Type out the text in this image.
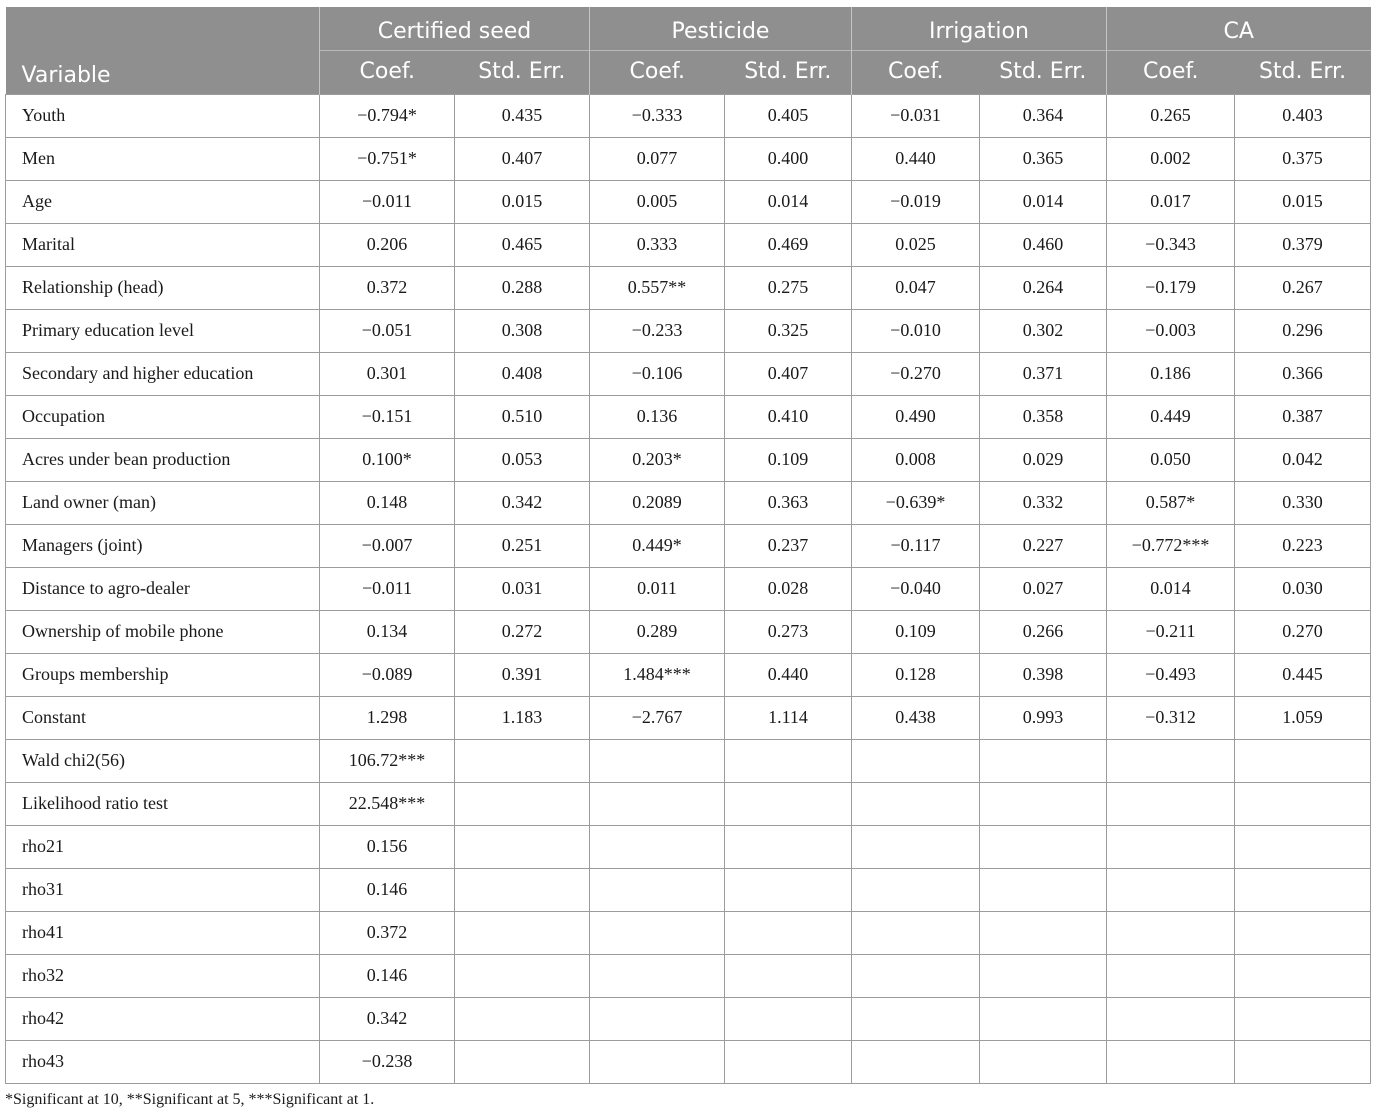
Variable	Certified seed		Pesticide		Irrigation		CA	
	Coef.	Std. Err.	Coef.	Std. Err.	Coef.	Std. Err.	Coef.	Std. Err.
Youth	−0.794*	0.435	−0.333	0.405	−0.031	0.364	0.265	0.403
Men	−0.751*	0.407	0.077	0.400	0.440	0.365	0.002	0.375
Age	−0.011	0.015	0.005	0.014	−0.019	0.014	0.017	0.015
Marital	0.206	0.465	0.333	0.469	0.025	0.460	−0.343	0.379
Relationship (head)	0.372	0.288	0.557**	0.275	0.047	0.264	−0.179	0.267
Primary education level	−0.051	0.308	−0.233	0.325	−0.010	0.302	−0.003	0.296
Secondary and higher education	0.301	0.408	−0.106	0.407	−0.270	0.371	0.186	0.366
Occupation	−0.151	0.510	0.136	0.410	0.490	0.358	0.449	0.387
Acres under bean production	0.100*	0.053	0.203*	0.109	0.008	0.029	0.050	0.042
Land owner (man)	0.148	0.342	0.2089	0.363	−0.639*	0.332	0.587*	0.330
Managers (joint)	−0.007	0.251	0.449*	0.237	−0.117	0.227	−0.772***	0.223
Distance to agro-dealer	−0.011	0.031	0.011	0.028	−0.040	0.027	0.014	0.030
Ownership of mobile phone	0.134	0.272	0.289	0.273	0.109	0.266	−0.211	0.270
Groups membership	−0.089	0.391	1.484***	0.440	0.128	0.398	−0.493	0.445
Constant	1.298	1.183	−2.767	1.114	0.438	0.993	−0.312	1.059
Wald chi2(56)	106.72***							
Likelihood ratio test	22.548***							
rho21	0.156							
rho31	0.146							
rho41	0.372							
rho32	0.146							
rho42	0.342							
rho43	−0.238							
*Significant at 10, **Significant at 5, ***Significant at 1.
